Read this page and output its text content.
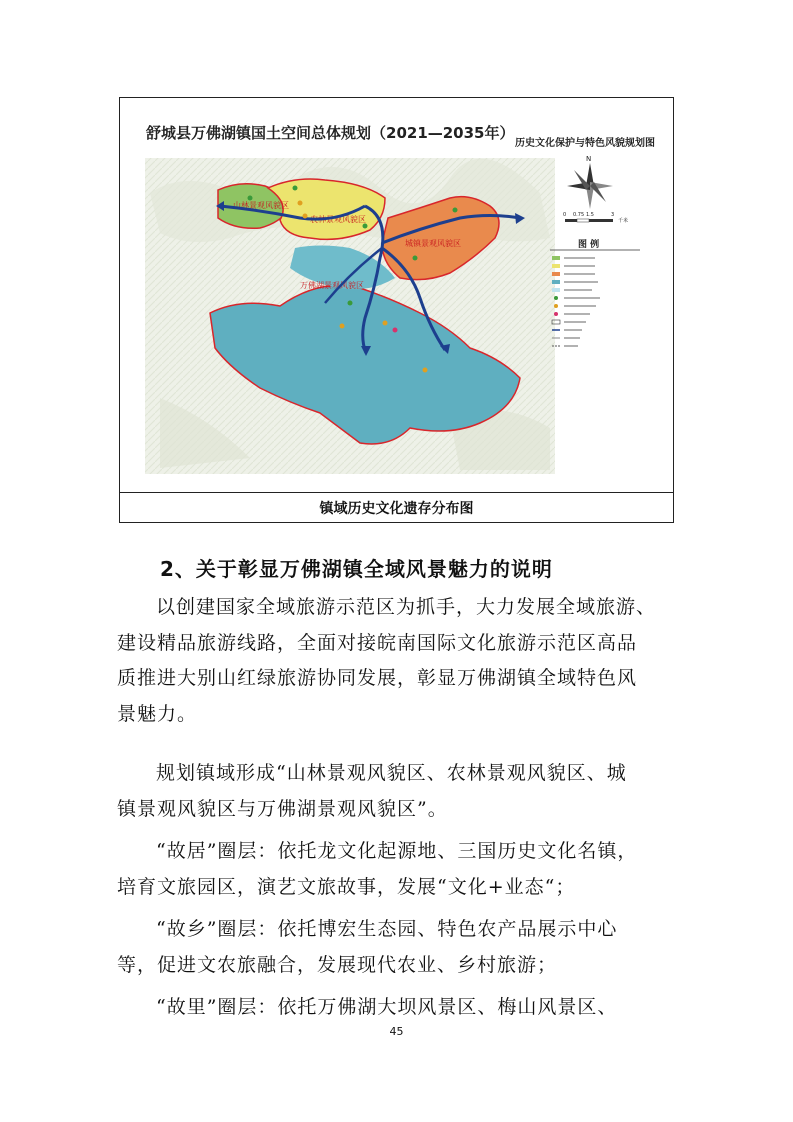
舒城县万佛湖镇国土空间总体规划（2021—2035年）
历史文化保护与特色风貌规划图
山林景观风貌区
农林景观风貌区
城镇景观风貌区
万佛湖景观风貌区
N
0 0.75 1.5	3
千米
图 例
镇域历史文化遗存分布图
2、关于彰显万佛湖镇全域风景魅力的说明

以创建国家全域旅游示范区为抓手，大力发展全域旅游、
建设精品旅游线路，全面对接皖南国际文化旅游示范区高品
质推进大别山红绿旅游协同发展，彰显万佛湖镇全域特色风
景魅力。

规划镇域形成“山林景观风貌区、农林景观风貌区、城
镇景观风貌区与万佛湖景观风貌区”。

“故居”圈层：依托龙文化起源地、三国历史文化名镇，
培育文旅园区，演艺文旅故事，发展“文化+业态“；

“故乡”圈层：依托博宏生态园、特色农产品展示中心
等，促进文农旅融合，发展现代农业、乡村旅游；

“故里”圈层：依托万佛湖大坝风景区、梅山风景区、

45
